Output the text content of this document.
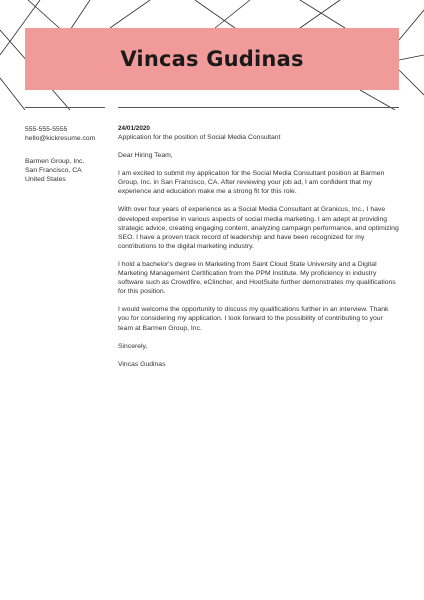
Vincas Gudinas
555-555-5555
hello@kickresume.com
Barmen Group, Inc.
San Francisco, CA
United States
24/01/2020
Application for the position of Social Media Consultant

Dear Hiring Team,

I am excited to submit my application for the Social Media Consultant position at Barmen Group, Inc. in San Francisco, CA. After reviewing your job ad, I am confident that my experience and education make me a strong fit for this role.

With over four years of experience as a Social Media Consultant at Granicus, Inc., I have developed expertise in various aspects of social media marketing. I am adept at providing strategic advice, creating engaging content, analyzing campaign performance, and optimizing SEO. I have a proven track record of leadership and have been recognized for my contributions to the digital marketing industry.

I hold a bachelor's degree in Marketing from Saint Cloud State University and a Digital Marketing Management Certification from the PPM Institute. My proficiency in industry software such as Crowdfire, eClincher, and HootSuite further demonstrates my qualifications for this position.

I would welcome the opportunity to discuss my qualifications further in an interview. Thank you for considering my application. I look forward to the possibility of contributing to your team at Barmen Group, Inc.

Sincerely,

Vincas Gudinas
